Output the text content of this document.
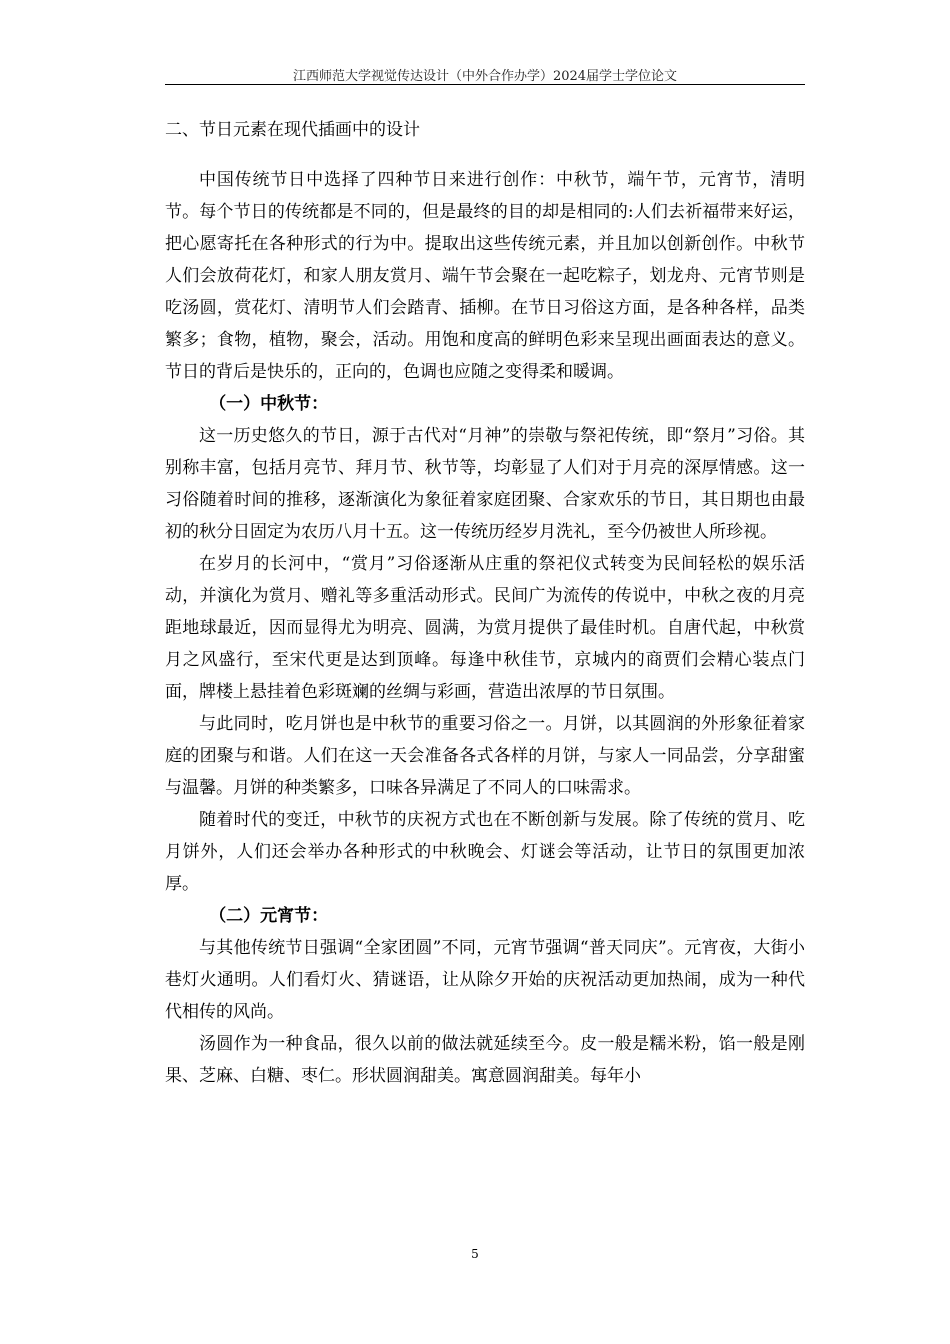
江西师范大学视觉传达设计（中外合作办学）2024届学士学位论文
二、节日元素在现代插画中的设计

中国传统节日中选择了四种节日来进行创作：中秋节，端午节，元宵节，清明节。每个节日的传统都是不同的，但是最终的目的却是相同的:人们去祈福带来好运，把心愿寄托在各种形式的行为中。提取出这些传统元素，并且加以创新创作。中秋节人们会放荷花灯，和家人朋友赏月、端午节会聚在一起吃粽子，划龙舟、元宵节则是吃汤圆，赏花灯、清明节人们会踏青、插柳。在节日习俗这方面，是各种各样，品类繁多；食物，植物，聚会，活动。用饱和度高的鲜明色彩来呈现出画面表达的意义。节日的背后是快乐的，正向的，色调也应随之变得柔和暖调。

（一）中秋节：

这一历史悠久的节日，源于古代对“月神”的崇敬与祭祀传统，即“祭月”习俗。其别称丰富，包括月亮节、拜月节、秋节等，均彰显了人们对于月亮的深厚情感。这一习俗随着时间的推移，逐渐演化为象征着家庭团聚、合家欢乐的节日，其日期也由最初的秋分日固定为农历八月十五。这一传统历经岁月洗礼，至今仍被世人所珍视。

在岁月的长河中，“赏月”习俗逐渐从庄重的祭祀仪式转变为民间轻松的娱乐活动，并演化为赏月、赠礼等多重活动形式。民间广为流传的传说中，中秋之夜的月亮距地球最近，因而显得尤为明亮、圆满，为赏月提供了最佳时机。自唐代起，中秋赏月之风盛行，至宋代更是达到顶峰。每逢中秋佳节，京城内的商贾们会精心装点门面，牌楼上悬挂着色彩斑斓的丝绸与彩画，营造出浓厚的节日氛围。

与此同时，吃月饼也是中秋节的重要习俗之一。月饼，以其圆润的外形象征着家庭的团聚与和谐。人们在这一天会准备各式各样的月饼，与家人一同品尝，分享甜蜜与温馨。月饼的种类繁多，口味各异满足了不同人的口味需求。

随着时代的变迁，中秋节的庆祝方式也在不断创新与发展。除了传统的赏月、吃月饼外，人们还会举办各种形式的中秋晚会、灯谜会等活动，让节日的氛围更加浓厚。

（二）元宵节：

与其他传统节日强调“全家团圆”不同，元宵节强调“普天同庆”。元宵夜，大街小巷灯火通明。人们看灯火、猜谜语，让从除夕开始的庆祝活动更加热闹，成为一种代代相传的风尚。

汤圆作为一种食品，很久以前的做法就延续至今。皮一般是糯米粉，馅一般是刚果、芝麻、白糖、枣仁。形状圆润甜美。寓意圆润甜美。每年小

5
